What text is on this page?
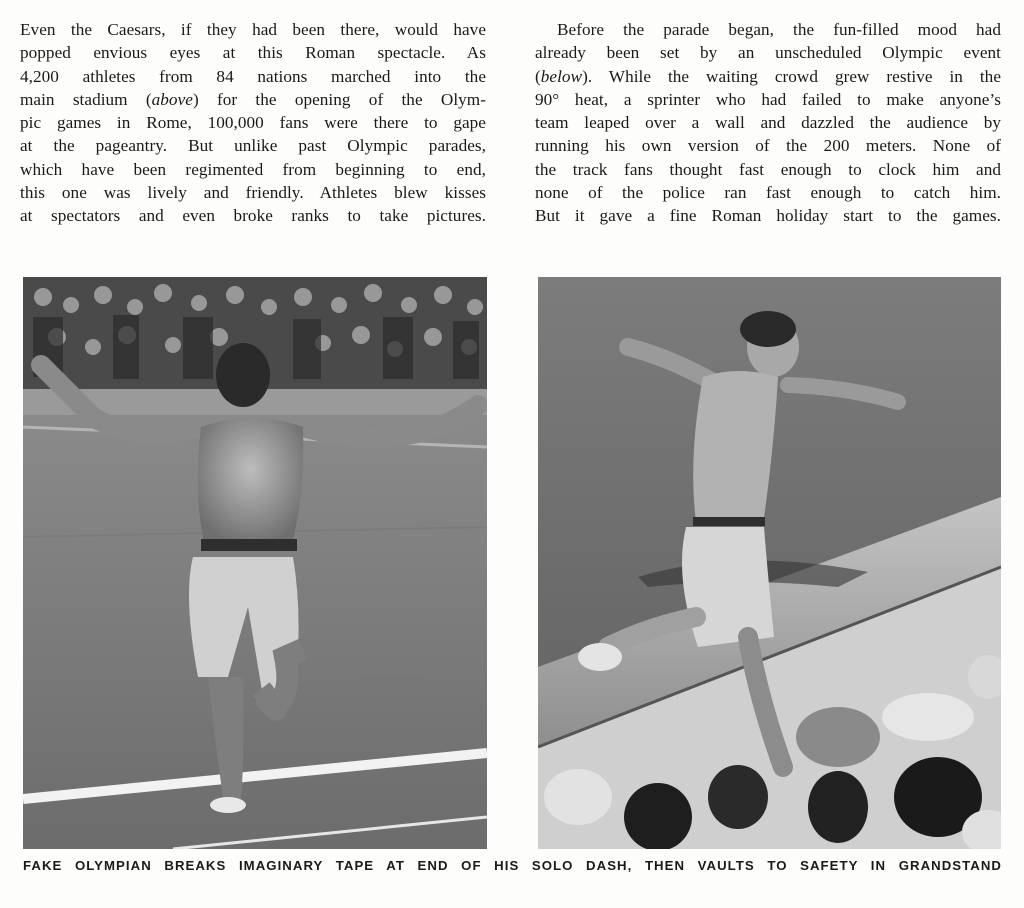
Even the Caesars, if they had been there, would have
popped envious eyes at this Roman spectacle. As
4,200 athletes from 84 nations marched into the
main stadium (above) for the opening of the Olym-
pic games in Rome, 100,000 fans were there to gape
at the pageantry. But unlike past Olympic parades,
which have been regimented from beginning to end,
this one was lively and friendly. Athletes blew kisses
at spectators and even broke ranks to take pictures.
Before the parade began, the fun-filled mood had
already been set by an unscheduled Olympic event
(below). While the waiting crowd grew restive in the
90° heat, a sprinter who had failed to make anyone’s
team leaped over a wall and dazzled the audience by
running his own version of the 200 meters. None of
the track fans thought fast enough to clock him and
none of the police ran fast enough to catch him.
But it gave a fine Roman holiday start to the games.
FAKE OLYMPIAN BREAKS IMAGINARY TAPE AT END OF HIS SOLO DASH, THEN VAULTS TO SAFETY IN GRANDSTAND
